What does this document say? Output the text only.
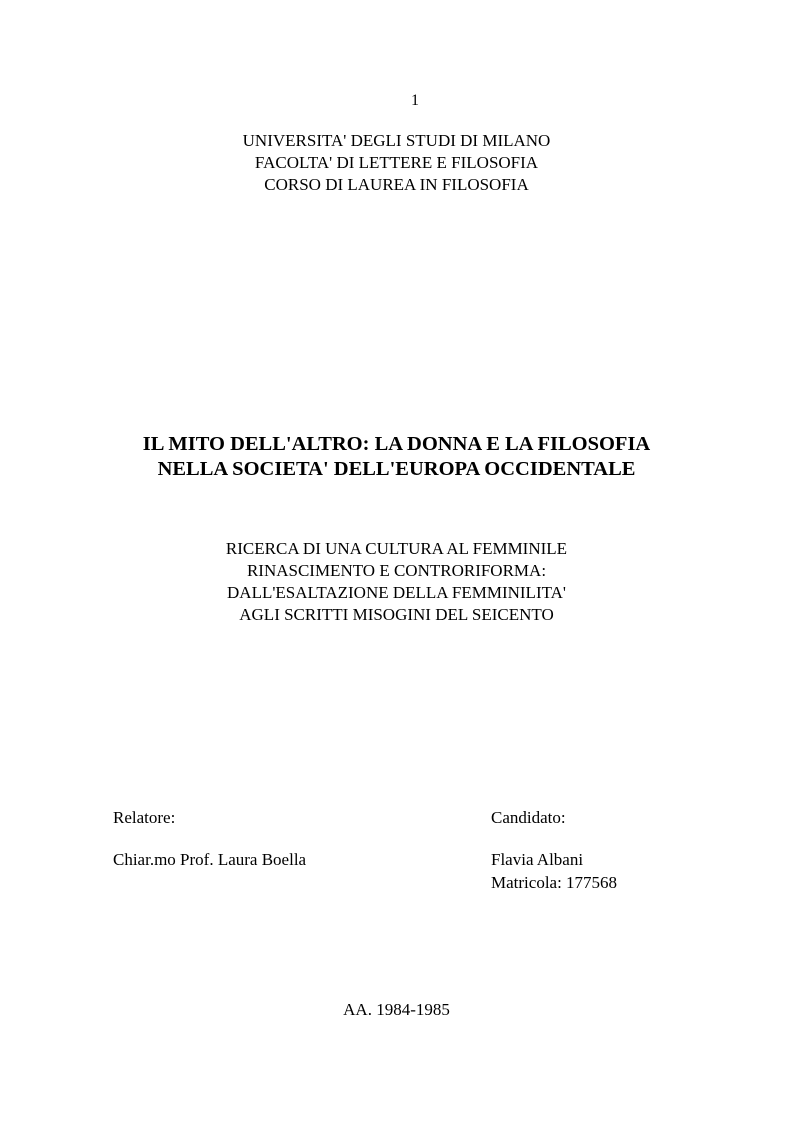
1
UNIVERSITA' DEGLI STUDI DI MILANO
FACOLTA' DI LETTERE E FILOSOFIA
CORSO DI LAUREA IN FILOSOFIA
IL MITO DELL'ALTRO: LA DONNA E LA FILOSOFIA
NELLA SOCIETA' DELL'EUROPA OCCIDENTALE
RICERCA DI UNA CULTURA AL FEMMINILE
RINASCIMENTO E CONTRORIFORMA:
DALL'ESALTAZIONE DELLA FEMMINILITA'
AGLI SCRITTI MISOGINI DEL SEICENTO
Relatore:
Chiar.mo Prof. Laura Boella
Candidato:
Flavia Albani
Matricola: 177568
AA. 1984-1985
